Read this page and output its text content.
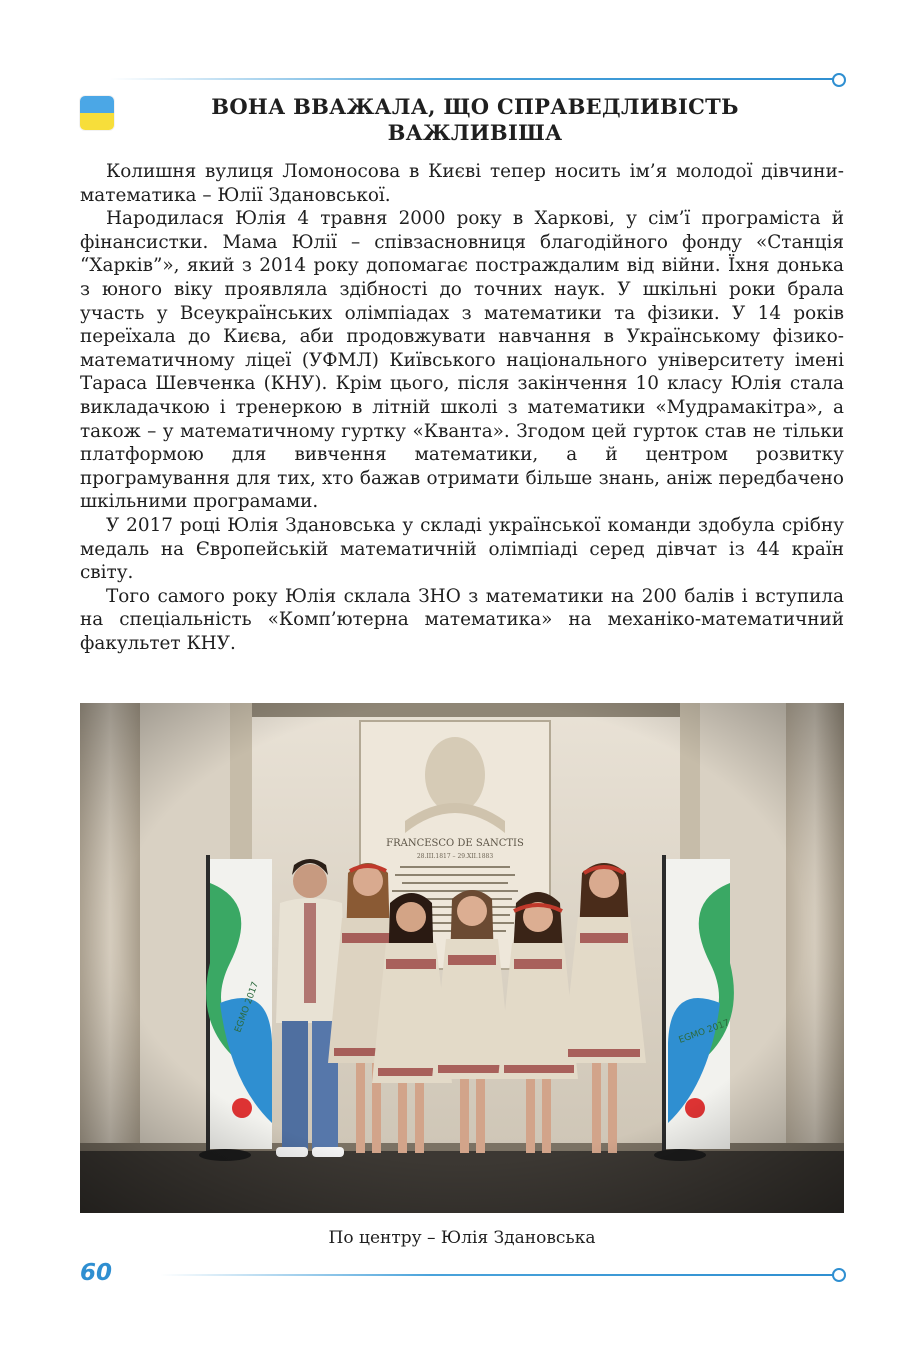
ВОНА ВВАЖАЛА, ЩО СПРАВЕДЛИВІСТЬ
ВАЖЛИВІША

Колишня вулиця Ломоносова в Києві тепер носить ім’я молодої дівчини-математика – Юлії Здановської.

Народилася Юлія 4 травня 2000 року в Харкові, у сім’ї програміста й фінансистки. Мама Юлії – співзасновниця благодійного фонду «Станція “Харків”», який з 2014 року допомагає постраждалим від війни. Їхня донька з юного віку проявляла здібності до точних наук. У шкільні роки брала участь у Всеукраїнських олімпіадах з математики та фізики. У 14 років переїхала до Києва, аби продовжувати навчання в Українському фізико-математичному ліцеї (УФМЛ) Київського національного університету імені Тараса Шевченка (КНУ). Крім цього, після закінчення 10 класу Юлія стала викладачкою і тренеркою в літній школі з математики «Мудрамакітра», а також – у математичному гуртку «Кванта». Згодом цей гурток став не тільки платформою для вивчення математики, а й центром розвитку програмування для тих, хто бажав отримати більше знань, аніж передбачено шкільними програмами.

У 2017 році Юлія Здановська у складі української команди здобула срібну медаль на Європейській математичній олімпіаді серед дівчат із 44 країн світу.

Того самого року Юлія склала ЗНО з математики на 200 балів і вступила на спеціальність «Комп’ютерна математика» на механіко-математичний факультет КНУ.

По центру – Юлія Здановська
60
